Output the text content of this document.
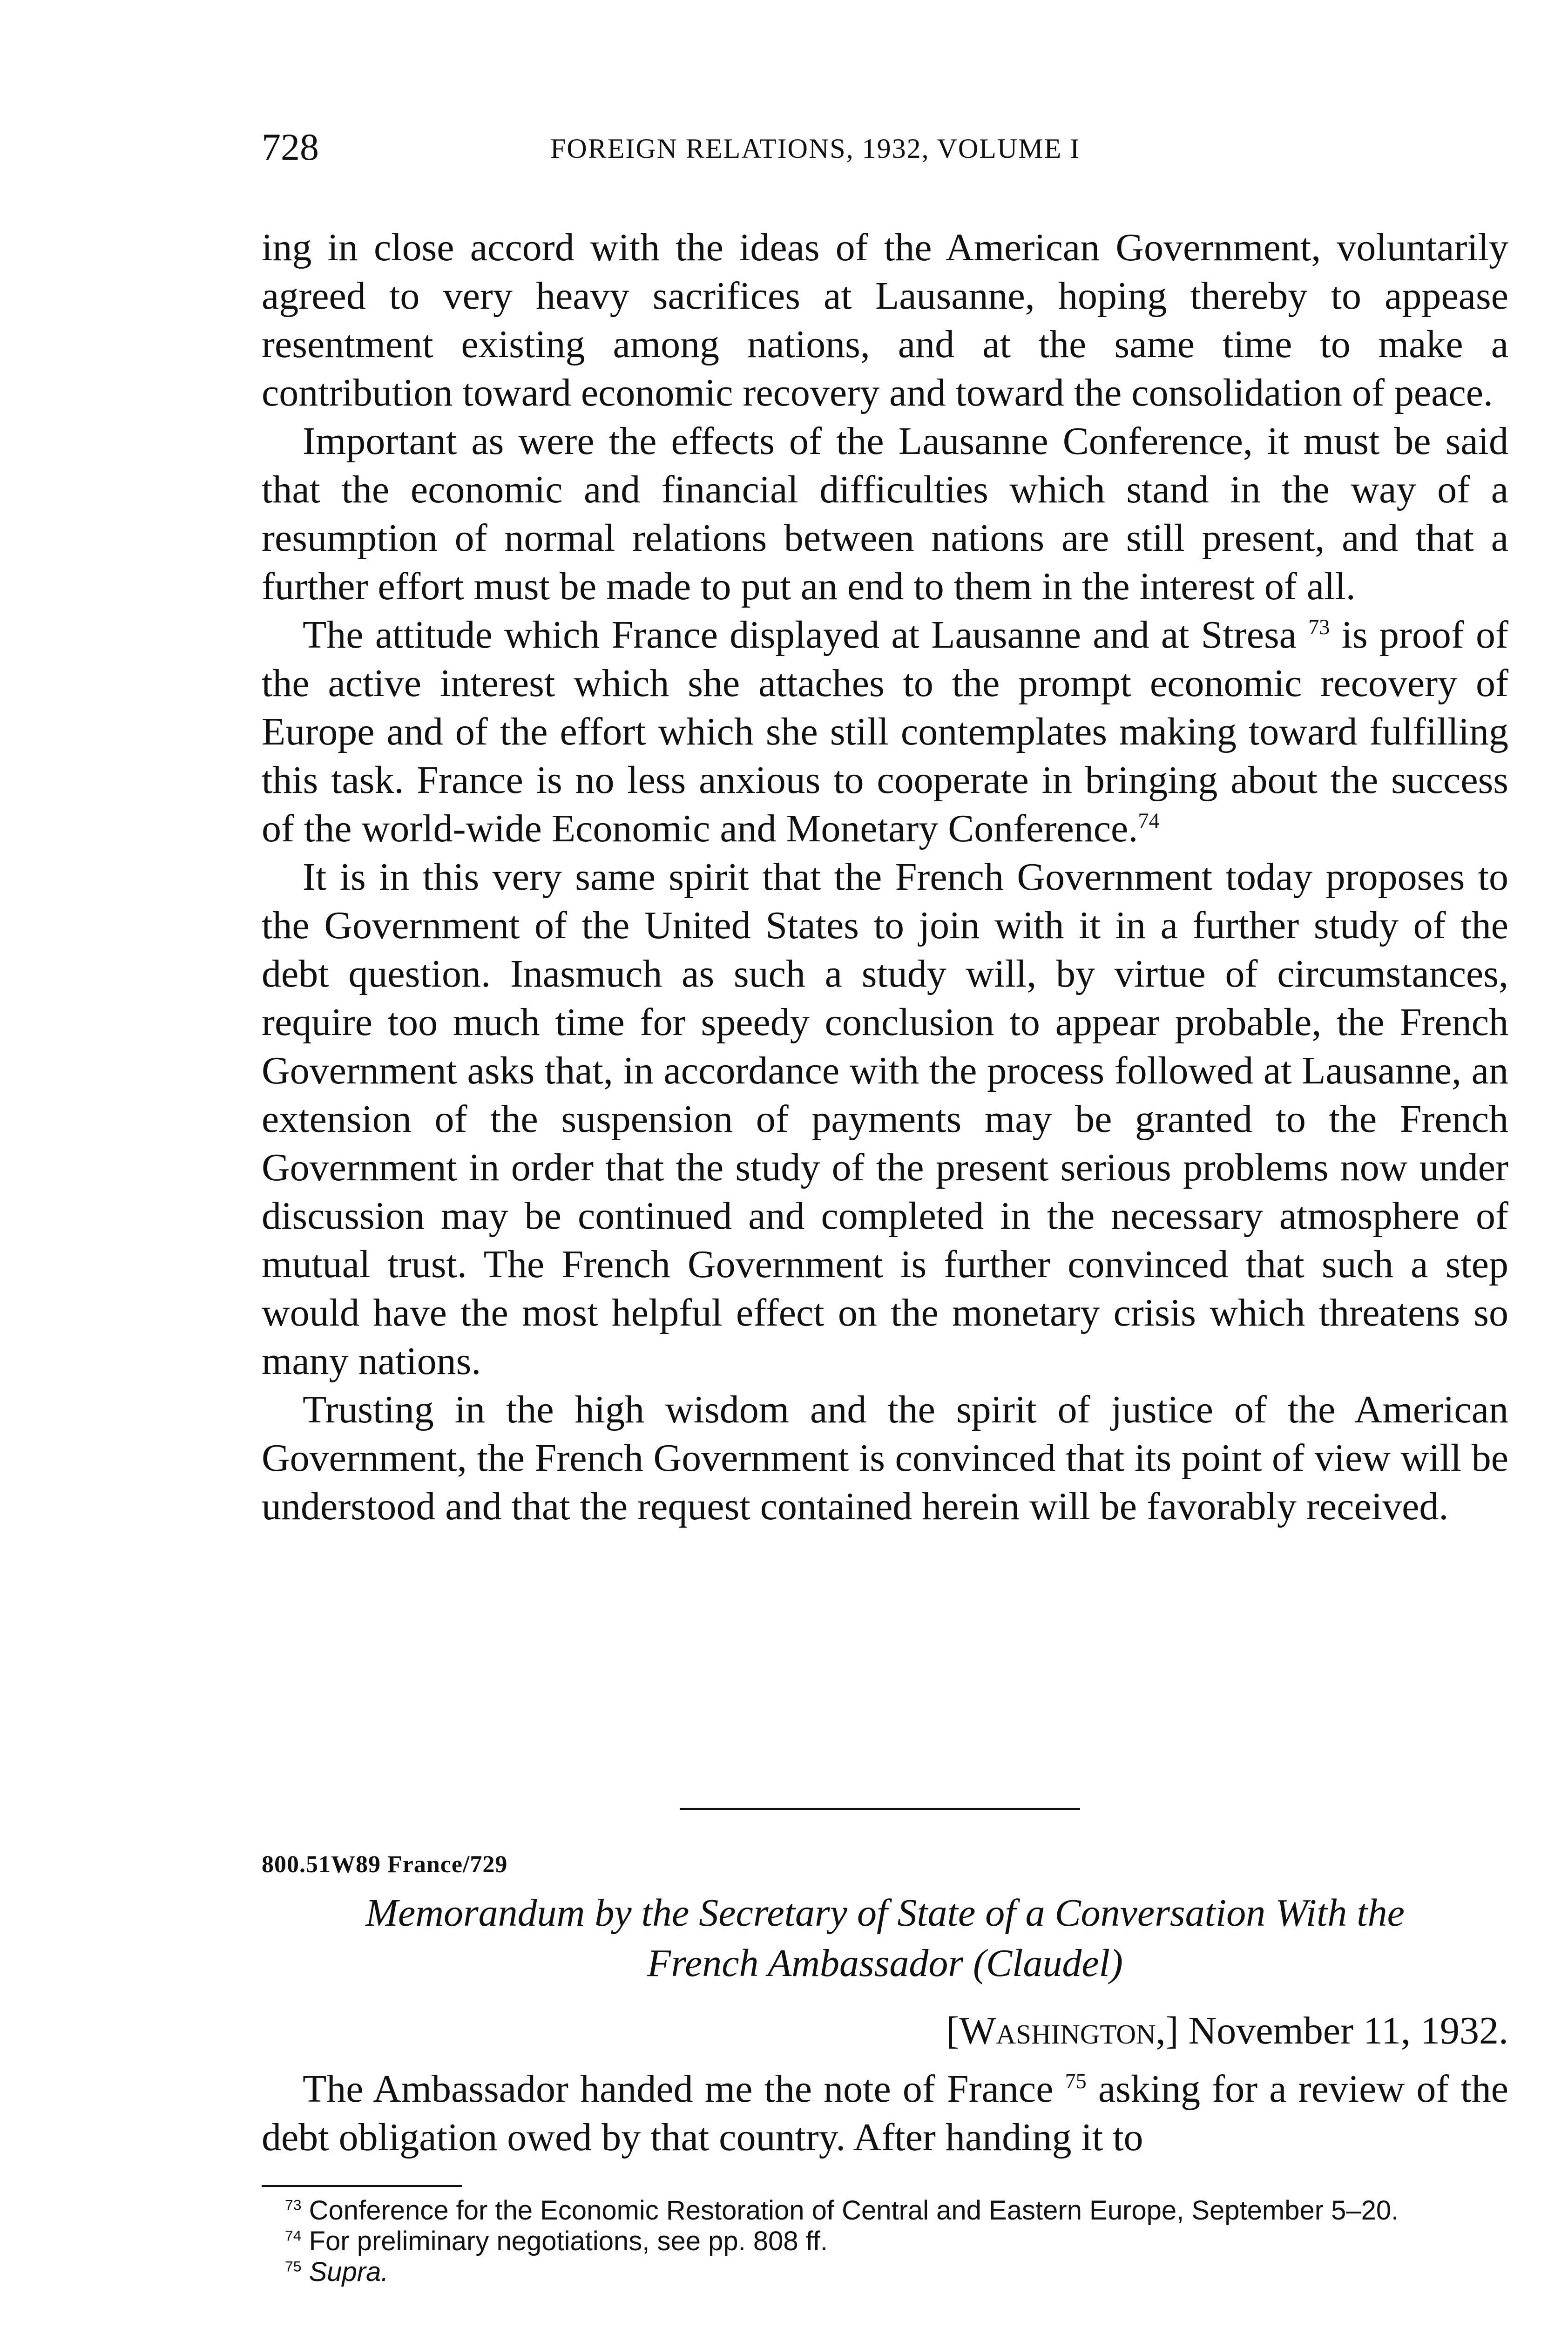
728	FOREIGN RELATIONS, 1932, VOLUME I

ing in close accord with the ideas of the American Government, voluntarily agreed to very heavy sacrifices at Lausanne, hoping thereby to appease resentment existing among nations, and at the same time to make a contribution toward economic recovery and toward the consolidation of peace.

Important as were the effects of the Lausanne Conference, it must be said that the economic and financial difficulties which stand in the way of a resumption of normal relations between nations are still present, and that a further effort must be made to put an end to them in the interest of all.

The attitude which France displayed at Lausanne and at Stresa $^{73}$ is proof of the active interest which she attaches to the prompt economic recovery of Europe and of the effort which she still contemplates making toward fulfilling this task. France is no less anxious to cooperate in bringing about the success of the world-wide Economic and Monetary Conference.$^{74}$

It is in this very same spirit that the French Government today proposes to the Government of the United States to join with it in a further study of the debt question. Inasmuch as such a study will, by virtue of circumstances, require too much time for speedy conclusion to appear probable, the French Government asks that, in accordance with the process followed at Lausanne, an extension of the suspension of payments may be granted to the French Government in order that the study of the present serious problems now under discussion may be continued and completed in the necessary atmosphere of mutual trust. The French Government is further convinced that such a step would have the most helpful effect on the monetary crisis which threatens so many nations.

Trusting in the high wisdom and the spirit of justice of the American Government, the French Government is convinced that its point of view will be understood and that the request contained herein will be favorably received.

800.51W89 France/729

Memorandum by the Secretary of State of a Conversation With the
French Ambassador (Claudel)

[Washington,] November 11, 1932.

The Ambassador handed me the note of France $^{75}$ asking for a review of the debt obligation owed by that country. After handing it to

$^{73}$ Conference for the Economic Restoration of Central and Eastern Europe, September 5–20.

$^{74}$ For preliminary negotiations, see pp. 808 ff.

$^{75}$ Supra.
